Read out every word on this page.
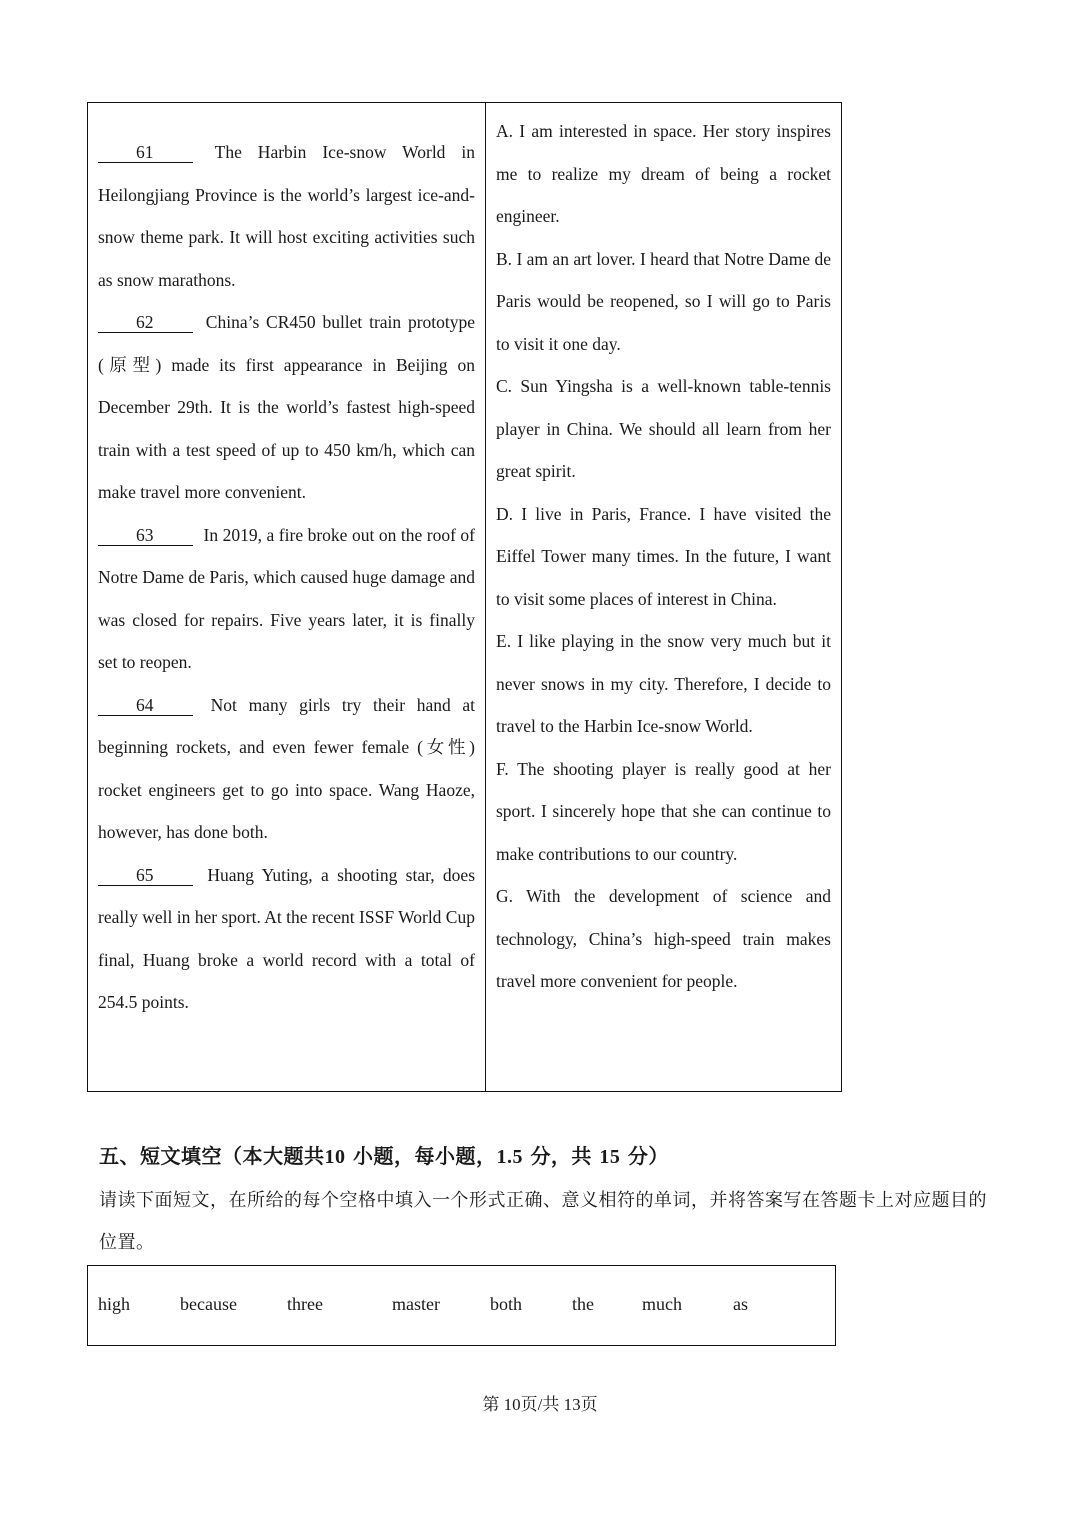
61	The Harbin Ice-snow World in Heilongjiang Province is the world’s largest ice-and-snow theme park. It will host exciting activities such as snow marathons.

62	China’s CR450 bullet train prototype (原型) made its first appearance in Beijing on December 29th. It is the world’s fastest high-speed train with a test speed of up to 450 km/h, which can make travel more convenient.

63	In 2019, a fire broke out on the roof of Notre Dame de Paris, which caused huge damage and was closed for repairs. Five years later, it is finally set to reopen.

64	Not many girls try their hand at beginning rockets, and even fewer female (女性) rocket engineers get to go into space. Wang Haoze, however, has done both.

65	Huang Yuting, a shooting star, does really well in her sport. At the recent ISSF World Cup final, Huang broke a world record with a total of 254.5 points.

A. I am interested in space. Her story inspires me to realize my dream of being a rocket engineer.

B. I am an art lover. I heard that Notre Dame de Paris would be reopened, so I will go to Paris to visit it one day.

C. Sun Yingsha is a well-known table-tennis player in China. We should all learn from her great spirit.

D. I live in Paris, France. I have visited the Eiffel Tower many times. In the future, I want to visit some places of interest in China.

E. I like playing in the snow very much but it never snows in my city. Therefore, I decide to travel to the Harbin Ice-snow World.

F. The shooting player is really good at her sport. I sincerely hope that she can continue to make contributions to our country.

G. With the development of science and technology, China’s high-speed train makes travel more convenient for people.

五、短文填空（本大题共10 小题，每小题，1.5 分，共 15 分）

请读下面短文，在所给的每个空格中填入一个形式正确、意义相符的单词，并将答案写在答题卡上对应题目的位置。

high	because	three	master	both	the	much	as

第 10页/共 13页
